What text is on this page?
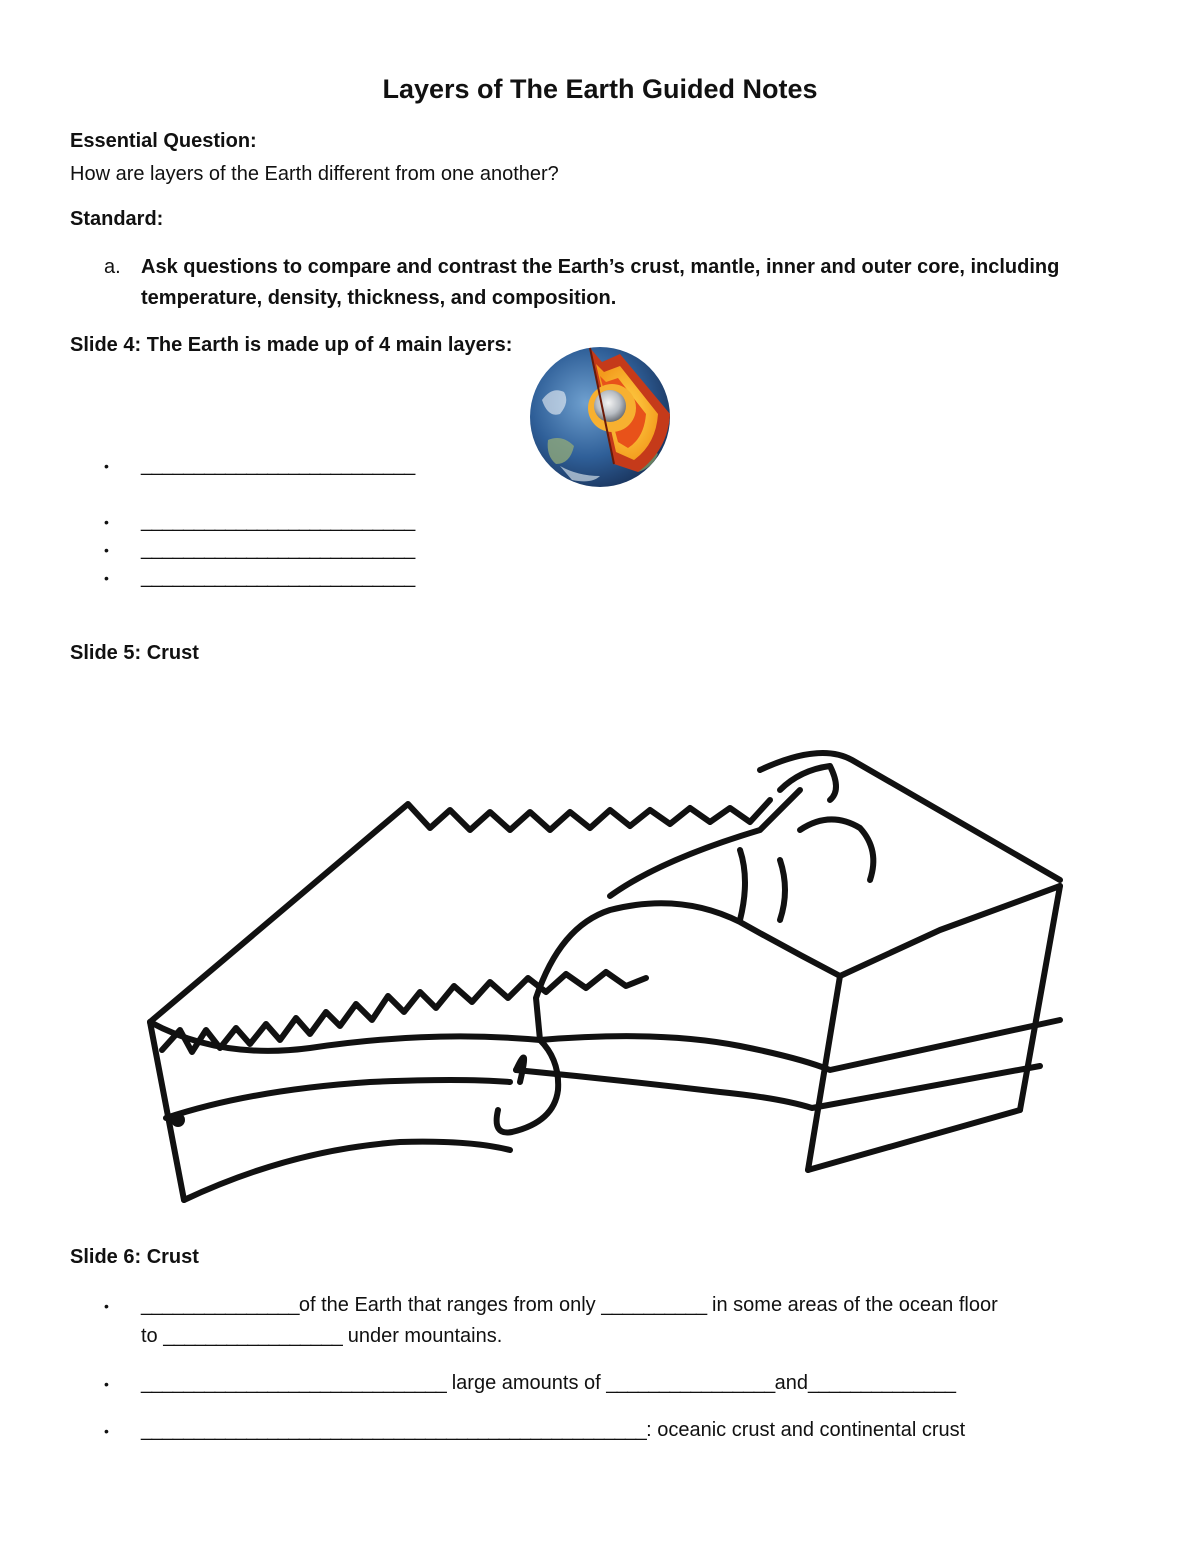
Layers of The Earth Guided Notes
Essential Question:
How are layers of the Earth different from one another?
Standard:
a. Ask questions to compare and contrast the Earth’s crust, mantle, inner and outer core, including
temperature, density, thickness, and composition.
Slide 4: The Earth is made up of 4 main layers:
• __________________________
• __________________________
• __________________________
• __________________________
Slide 5: Crust
Slide 6: Crust
• _______________of the Earth that ranges from only __________ in some areas of the ocean floor
to _________________ under mountains.
• _____________________________ large amounts of ________________and______________
• ________________________________________________: oceanic crust and continental crust
